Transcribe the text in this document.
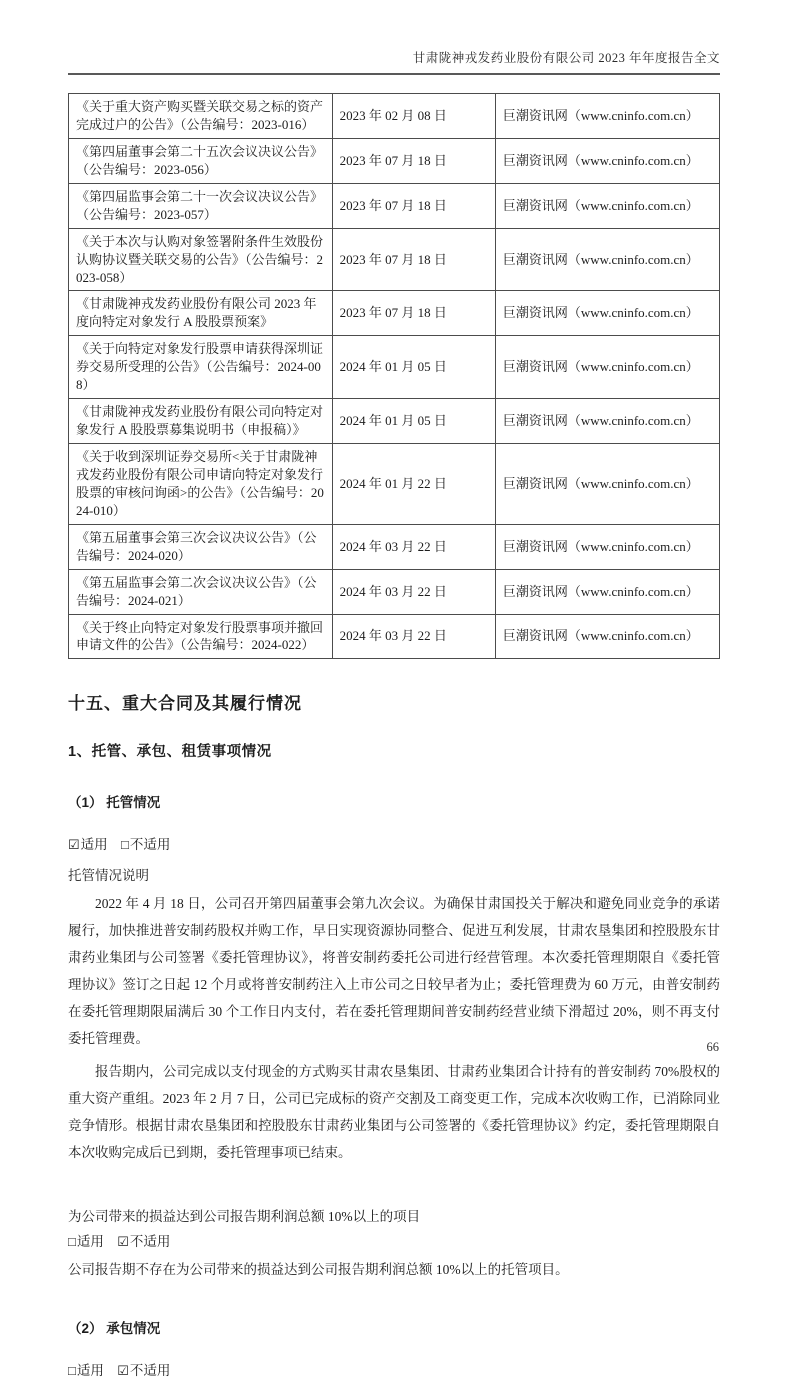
甘肃陇神戎发药业股份有限公司 2023 年年度报告全文
《关于重大资产购买暨关联交易之标的资产完成过户的公告》（公告编号：2023-016）	2023 年 02 月 08 日	巨潮资讯网（www.cninfo.com.cn）
《第四届董事会第二十五次会议决议公告》（公告编号：2023-056）	2023 年 07 月 18 日	巨潮资讯网（www.cninfo.com.cn）
《第四届监事会第二十一次会议决议公告》（公告编号：2023-057）	2023 年 07 月 18 日	巨潮资讯网（www.cninfo.com.cn）
《关于本次与认购对象签署附条件生效股份认购协议暨关联交易的公告》（公告编号：2023-058）	2023 年 07 月 18 日	巨潮资讯网（www.cninfo.com.cn）
《甘肃陇神戎发药业股份有限公司 2023 年度向特定对象发行 A 股股票预案》	2023 年 07 月 18 日	巨潮资讯网（www.cninfo.com.cn）
《关于向特定对象发行股票申请获得深圳证券交易所受理的公告》（公告编号：2024-008）	2024 年 01 月 05 日	巨潮资讯网（www.cninfo.com.cn）
《甘肃陇神戎发药业股份有限公司向特定对象发行 A 股股票募集说明书（申报稿）》	2024 年 01 月 05 日	巨潮资讯网（www.cninfo.com.cn）
《关于收到深圳证券交易所<关于甘肃陇神戎发药业股份有限公司申请向特定对象发行股票的审核问询函>的公告》（公告编号：2024-010）	2024 年 01 月 22 日	巨潮资讯网（www.cninfo.com.cn）
《第五届董事会第三次会议决议公告》（公告编号：2024-020）	2024 年 03 月 22 日	巨潮资讯网（www.cninfo.com.cn）
《第五届监事会第二次会议决议公告》（公告编号：2024-021）	2024 年 03 月 22 日	巨潮资讯网（www.cninfo.com.cn）
《关于终止向特定对象发行股票事项并撤回申请文件的公告》（公告编号：2024-022）	2024 年 03 月 22 日	巨潮资讯网（www.cninfo.com.cn）
十五、重大合同及其履行情况
1、托管、承包、租赁事项情况
（1） 托管情况
☑适用 □不适用
托管情况说明

2022 年 4 月 18 日，公司召开第四届董事会第九次会议。为确保甘肃国投关于解决和避免同业竞争的承诺履行，加快推进普安制药股权并购工作，早日实现资源协同整合、促进互利发展，甘肃农垦集团和控股股东甘肃药业集团与公司签署《委托管理协议》，将普安制药委托公司进行经营管理。本次委托管理期限自《委托管理协议》签订之日起 12 个月或将普安制药注入上市公司之日较早者为止；委托管理费为 60 万元，由普安制药在委托管理期限届满后 30 个工作日内支付，若在委托管理期间普安制药经营业绩下滑超过 20%，则不再支付委托管理费。

报告期内，公司完成以支付现金的方式购买甘肃农垦集团、甘肃药业集团合计持有的普安制药 70%股权的重大资产重组。2023 年 2 月 7 日，公司已完成标的资产交割及工商变更工作，完成本次收购工作，已消除同业竞争情形。根据甘肃农垦集团和控股股东甘肃药业集团与公司签署的《委托管理协议》约定，委托管理期限自本次收购完成后已到期，委托管理事项已结束。

为公司带来的损益达到公司报告期利润总额 10%以上的项目
□适用 ☑不适用
公司报告期不存在为公司带来的损益达到公司报告期利润总额 10%以上的托管项目。
（2） 承包情况
□适用 ☑不适用
66
